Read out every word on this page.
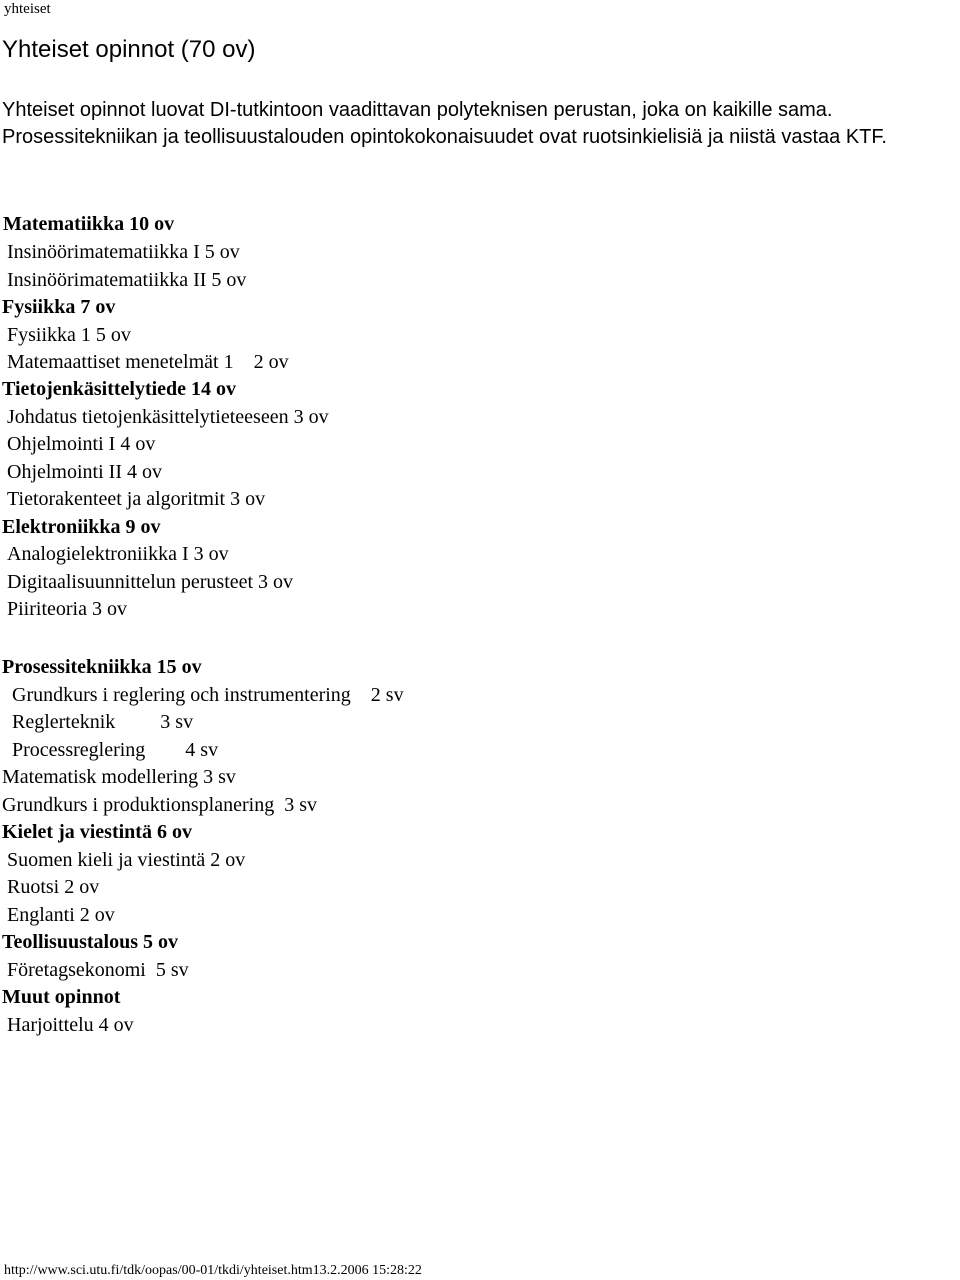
yhteiset
Yhteiset opinnot (70 ov)

Yhteiset opinnot luovat DI-tutkintoon vaadittavan polyteknisen perustan, joka on kaikille sama. Prosessitekniikan ja teollisuustalouden opintokokonaisuudet ovat ruotsinkielisiä ja niistä vastaa KTF.

Matematiikka 10 ov
Insinöörimatematiikka I 5 ov
Insinöörimatematiikka II 5 ov
Fysiikka 7 ov
Fysiikka 1 5 ov
Matemaattiset menetelmät 1    2 ov
Tietojenkäsittelytiede 14 ov
Johdatus tietojenkäsittelytieteeseen 3 ov
Ohjelmointi I 4 ov
Ohjelmointi II 4 ov
Tietorakenteet ja algoritmit 3 ov
Elektroniikka 9 ov
Analogielektroniikka I 3 ov
Digitaalisuunnittelun perusteet 3 ov
Piiriteoria 3 ov
Prosessitekniikka 15 ov
Grundkurs i reglering och instrumentering    2 sv
Reglerteknik         3 sv
Processreglering        4 sv
Matematisk modellering 3 sv
Grundkurs i produktionsplanering  3 sv
Kielet ja viestintä 6 ov
Suomen kieli ja viestintä 2 ov
Ruotsi 2 ov
Englanti 2 ov
Teollisuustalous 5 ov
Företagsekonomi  5 sv
Muut opinnot
Harjoittelu 4 ov
http://www.sci.utu.fi/tdk/oopas/00-01/tkdi/yhteiset.htm13.2.2006 15:28:22
